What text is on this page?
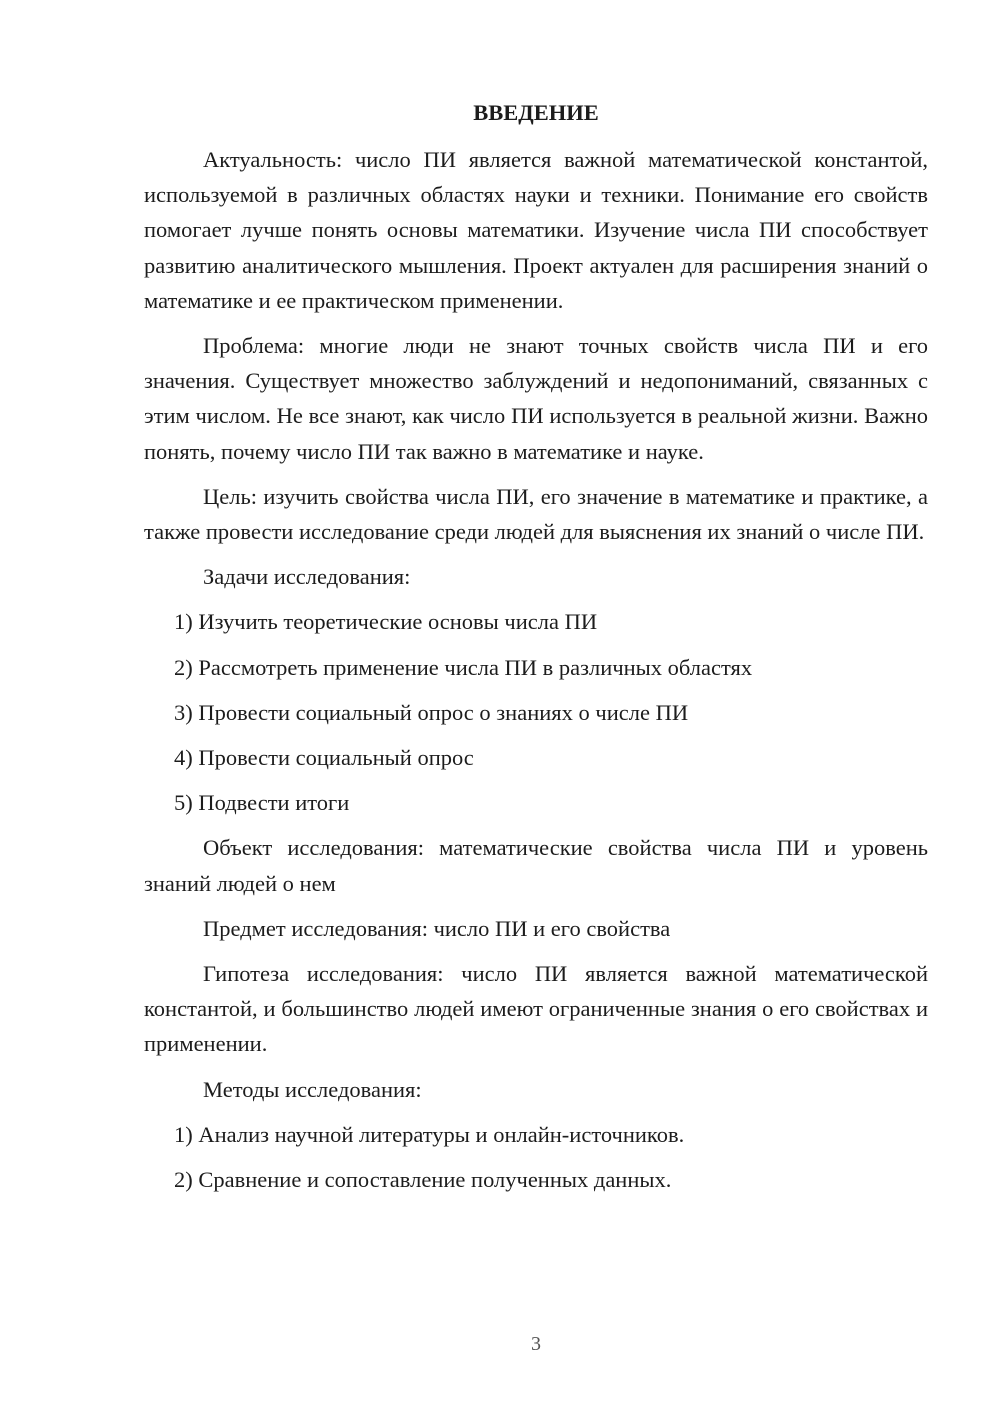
ВВЕДЕНИЕ

Актуальность: число ПИ является важной математической константой, используемой в различных областях науки и техники. Понимание его свойств помогает лучше понять основы математики. Изучение числа ПИ способствует развитию аналитического мышления. Проект актуален для расширения знаний о математике и ее практическом применении.

Проблема: многие люди не знают точных свойств числа ПИ и его значения. Существует множество заблуждений и недопониманий, связанных с этим числом. Не все знают, как число ПИ используется в реальной жизни. Важно понять, почему число ПИ так важно в математике и науке.

Цель: изучить свойства числа ПИ, его значение в математике и практике, а также провести исследование среди людей для выяснения их знаний о числе ПИ.

Задачи исследования:

1) Изучить теоретические основы числа ПИ

2) Рассмотреть применение числа ПИ в различных областях

3) Провести социальный опрос о знаниях о числе ПИ

4) Провести социальный опрос

5) Подвести итоги

Объект исследования: математические свойства числа ПИ и уровень знаний людей о нем

Предмет исследования: число ПИ и его свойства

Гипотеза исследования: число ПИ является важной математической константой, и большинство людей имеют ограниченные знания о его свойствах и применении.

Методы исследования:

1) Анализ научной литературы и онлайн-источников.

2) Сравнение и сопоставление полученных данных.

3
